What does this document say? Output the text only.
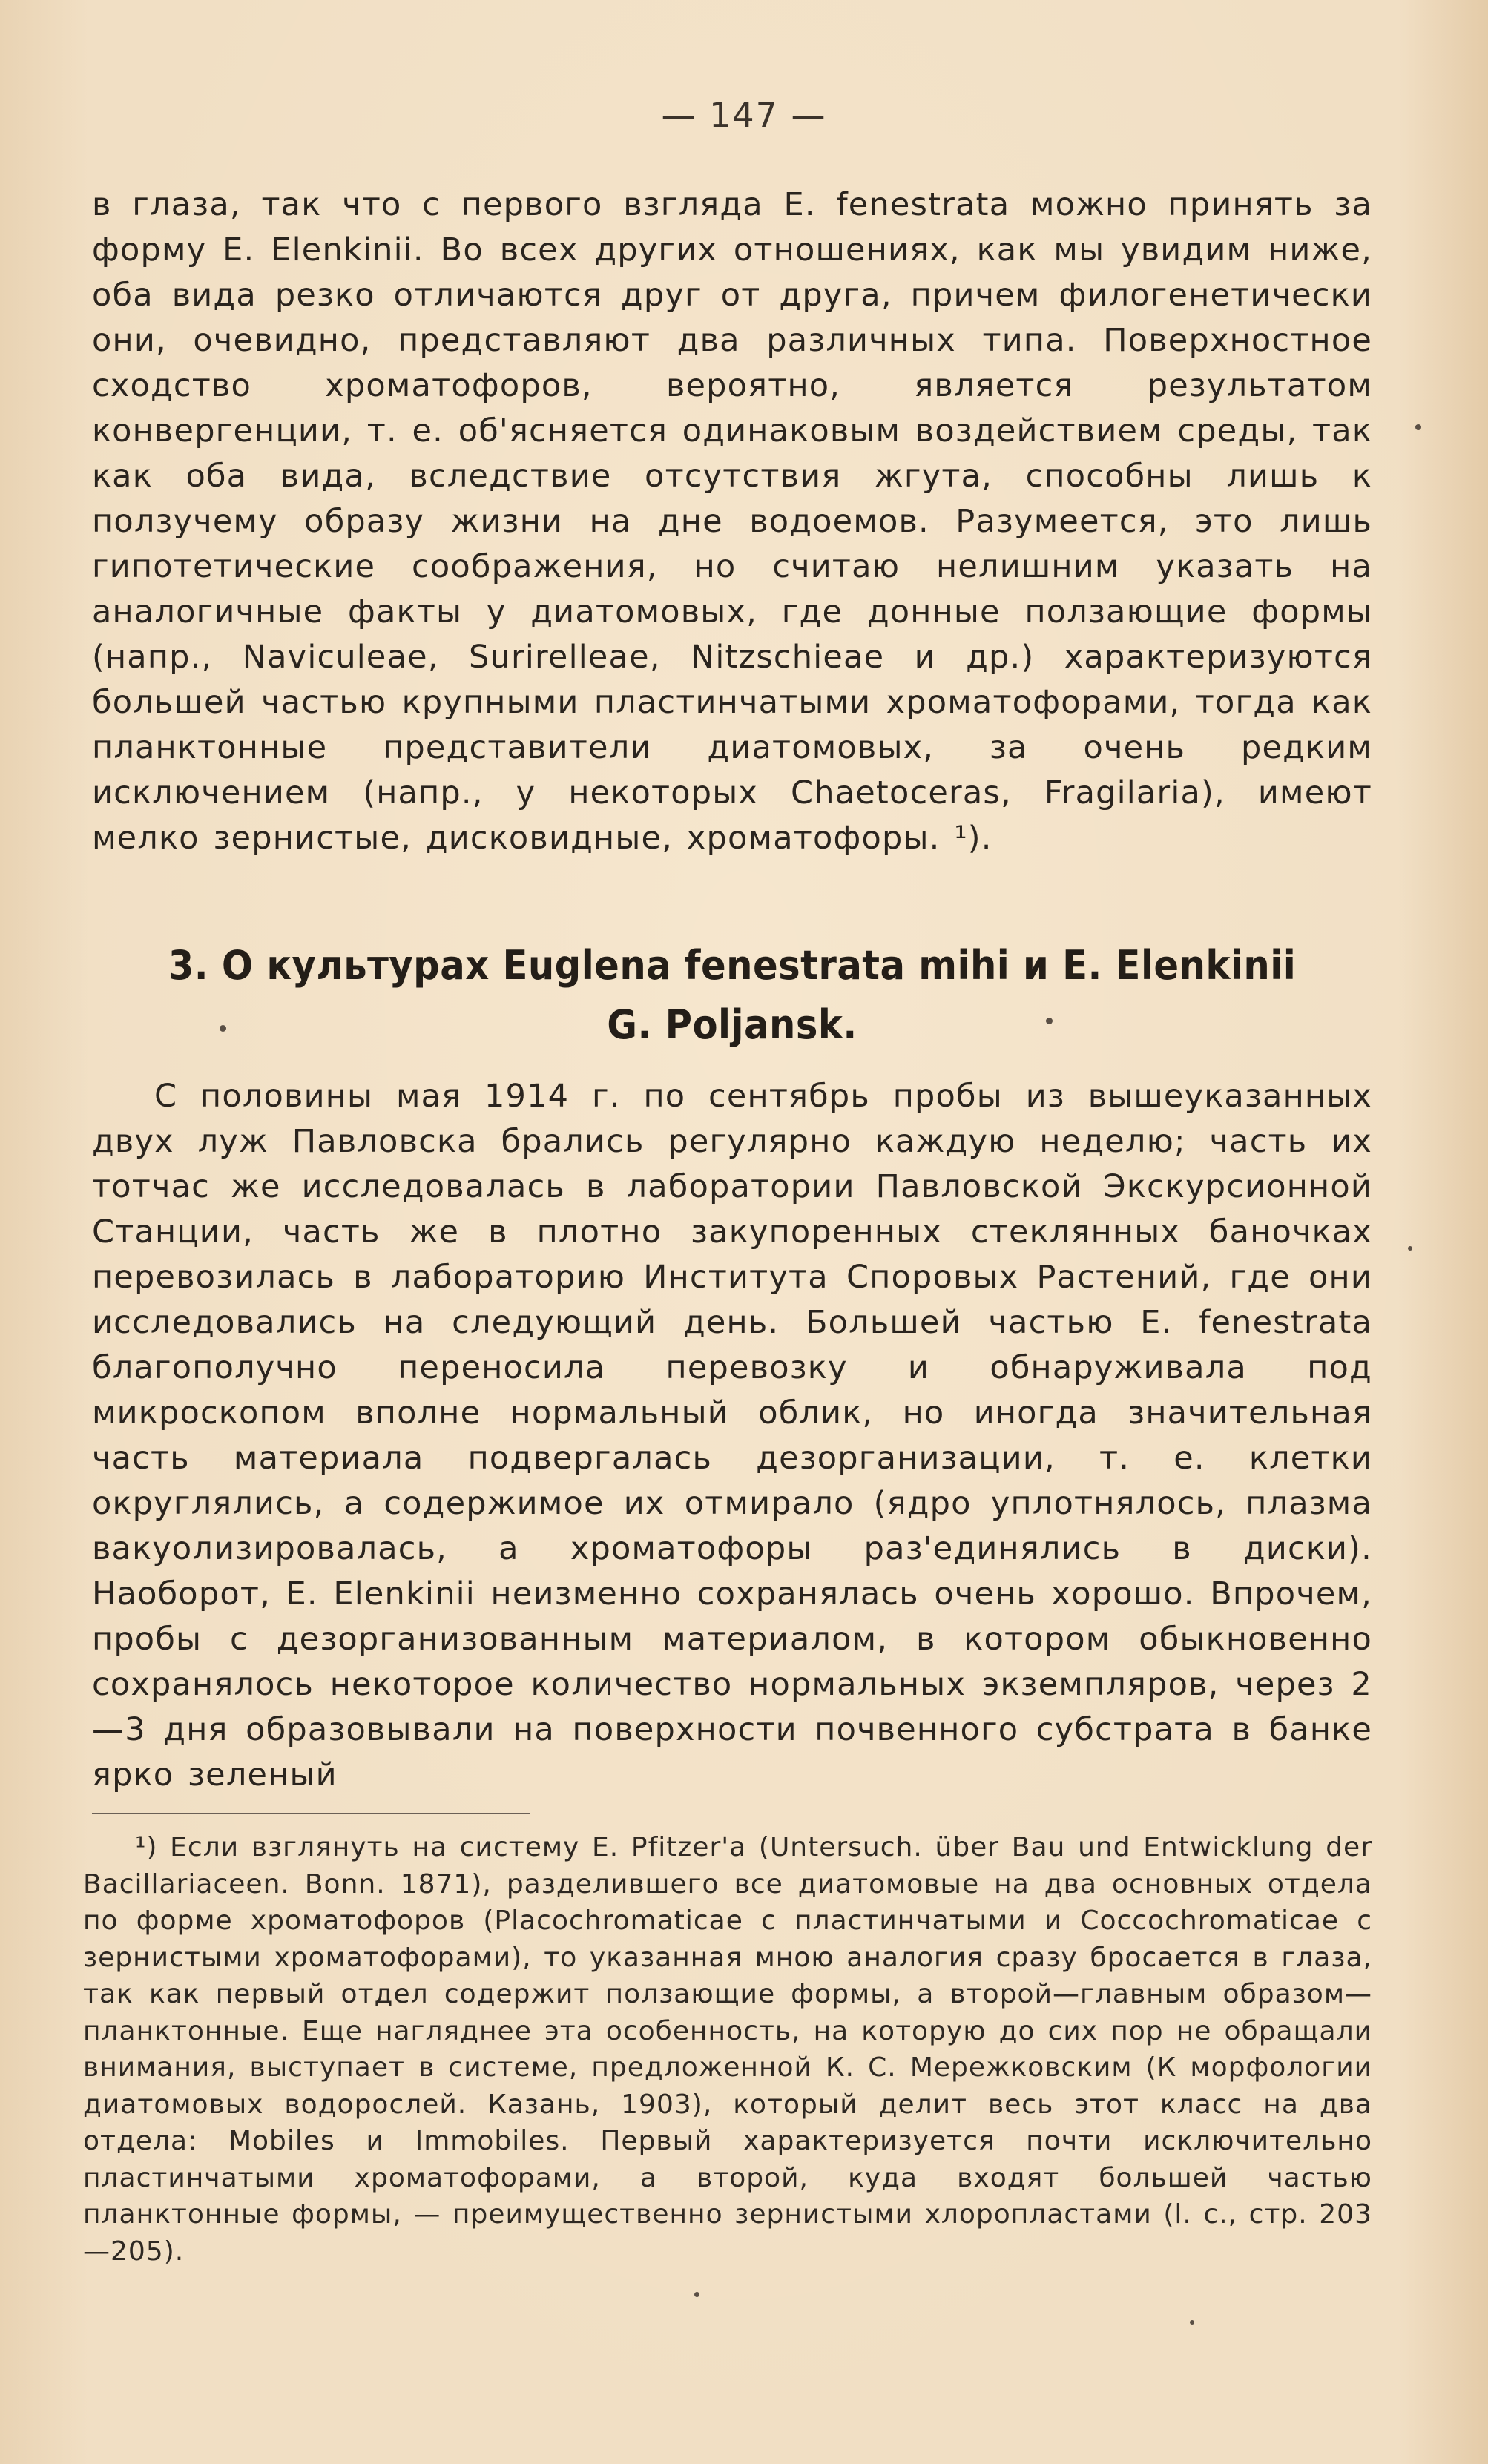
— 147 —

в глаза, так что с первого взгляда E. fenestrata можно принять за форму E. Elenkinii. Во всех других отношениях, как мы увидим ниже, оба вида резко отличаются друг от друга, причем филогенетически они, очевидно, представляют два различных типа. Поверхностное сходство хроматофоров, вероятно, является результатом конвергенции, т. е. об'ясняется одинаковым воздействием среды, так как оба вида, вследствие отсутствия жгута, способны лишь к ползучему образу жизни на дне водоемов. Разумеется, это лишь гипотетические соображения, но считаю нелишним указать на аналогичные факты у диатомовых, где донные ползающие формы (напр., Naviculeae, Surirelleae, Nitzschieae и др.) характеризуются большей частью крупными пластинчатыми хроматофорами, тогда как планктонные представители диатомовых, за очень редким исключением (напр., у некоторых Chaetoceras, Fragilaria), имеют мелко зернистые, дисковидные, хроматофоры. ¹).

3. О культурах Euglena fenestrata mihi и E. Elenkinii G. Poljansk.

С половины мая 1914 г. по сентябрь пробы из вышеуказанных двух луж Павловска брались регулярно каждую неделю; часть их тотчас же исследовалась в лаборатории Павловской Экскурсионной Станции, часть же в плотно закупоренных стеклянных баночках перевозилась в лабораторию Института Споровых Растений, где они исследовались на следующий день. Большей частью E. fenestrata благополучно переносила перевозку и обнаруживала под микроскопом вполне нормальный облик, но иногда значительная часть материала подвергалась дезорганизации, т. е. клетки округлялись, а содержимое их отмирало (ядро уплотнялось, плазма вакуолизировалась, а хроматофоры раз'единялись в диски). Наоборот, E. Elenkinii неизменно сохранялась очень хорошо. Впрочем, пробы с дезорганизованным материалом, в котором обыкновенно сохранялось некоторое количество нормальных экземпляров, через 2—3 дня образовывали на поверхности почвенного субстрата в банке ярко зеленый

¹) Если взглянуть на систему E. Pfitzer'а (Untersuch. über Bau und Entwicklung der Bacillariaceen. Bonn. 1871), разделившего все диатомовые на два основных отдела по форме хроматофоров (Placochromaticae с пластинчатыми и Coccochromaticae с зернистыми хроматофорами), то указанная мною аналогия сразу бросается в глаза, так как первый отдел содержит ползающие формы, а второй—главным образом—планктонные. Еще нагляднее эта особенность, на которую до сих пор не обращали внимания, выступает в системе, предложенной К. С. Мережковским (К морфологии диатомовых водорослей. Казань, 1903), который делит весь этот класс на два отдела: Mobiles и Immobiles. Первый характеризуется почти исключительно пластинчатыми хроматофорами, а второй, куда входят большей частью планктонные формы, — преимущественно зернистыми хлоропластами (l. с., стр. 203—205).
